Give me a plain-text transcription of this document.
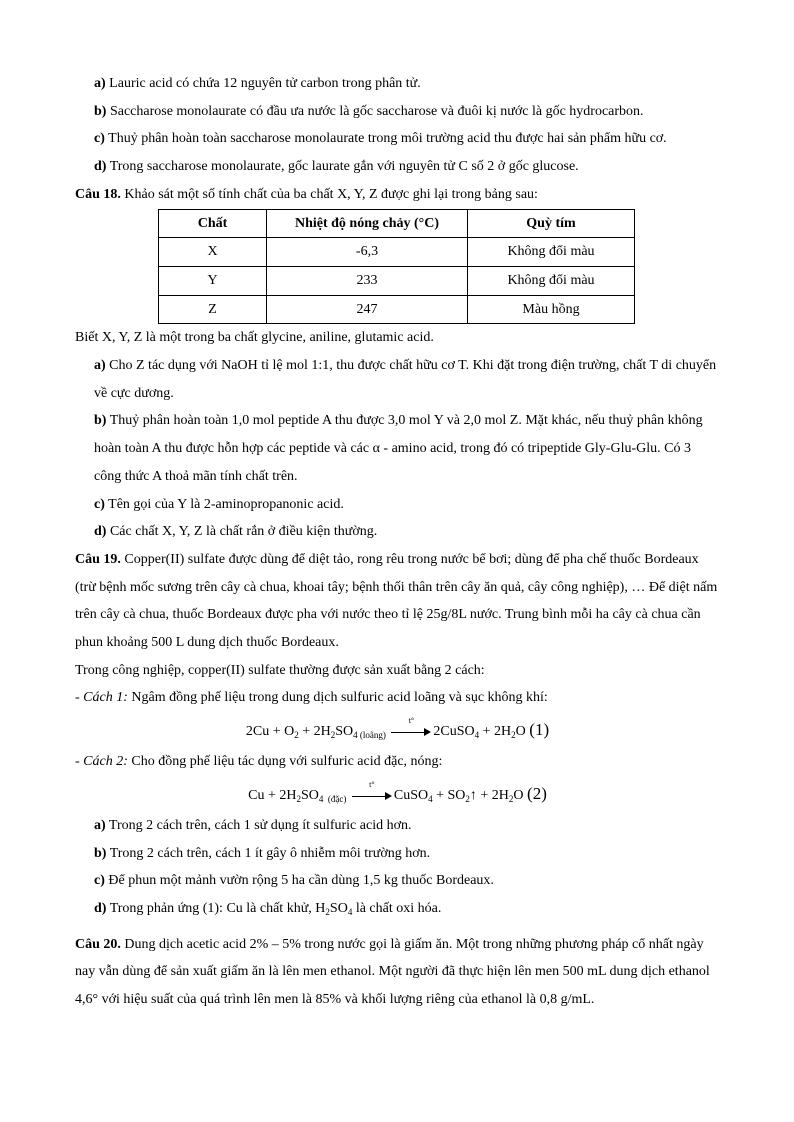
a) Lauric acid có chứa 12 nguyên tử carbon trong phân tử.

b) Saccharose monolaurate có đầu ưa nước là gốc saccharose và đuôi kị nước là gốc hydrocarbon.

c) Thuỷ phân hoàn toàn saccharose monolaurate trong môi trường acid thu được hai sản phẩm hữu cơ.

d) Trong saccharose monolaurate, gốc laurate gắn với nguyên tử C số 2 ở gốc glucose.

Câu 18. Khảo sát một số tính chất của ba chất X, Y, Z được ghi lại trong bảng sau:

Chất	Nhiệt độ nóng chảy (°C)	Quỳ tím
X	-6,3	Không đổi màu
Y	233	Không đổi màu
Z	247	Màu hồng

Biết X, Y, Z là một trong ba chất glycine, aniline, glutamic acid.

a) Cho Z tác dụng với NaOH tỉ lệ mol 1:1, thu được chất hữu cơ T. Khi đặt trong điện trường, chất T di chuyển về cực dương.

b) Thuỷ phân hoàn toàn 1,0 mol peptide A thu được 3,0 mol Y và 2,0 mol Z. Mặt khác, nếu thuỷ phân không hoàn toàn A thu được hỗn hợp các peptide và các α - amino acid, trong đó có tripeptide Gly-Glu-Glu. Có 3 công thức A thoả mãn tính chất trên.

c) Tên gọi của Y là 2-aminopropanonic acid.

d) Các chất X, Y, Z là chất rắn ở điều kiện thường.

Câu 19. Copper(II) sulfate được dùng để diệt tảo, rong rêu trong nước bể bơi; dùng để pha chế thuốc Bordeaux (trừ bệnh mốc sương trên cây cà chua, khoai tây; bệnh thối thân trên cây ăn quả, cây công nghiệp), … Để diệt nấm trên cây cà chua, thuốc Bordeaux được pha với nước theo tỉ lệ 25g/8L nước. Trung bình mỗi ha cây cà chua cần phun khoảng 500 L dung dịch thuốc Bordeaux.

Trong công nghiệp, copper(II) sulfate thường được sản xuất bằng 2 cách:

- Cách 1: Ngâm đồng phế liệu trong dung dịch sulfuric acid loãng và sục không khí:

$2Cu + O_2 + 2H_2SO_{4 (loãng)}$
t°
2CuSO$_4$ + $2H_2O$ (1)

- Cách 2: Cho đồng phế liệu tác dụng với sulfuric acid đặc, nóng:

$Cu + 2H_2SO_{4 (đặc)}$
t°
CuSO$_4$ + $SO_2↑ + 2H_2O$ (2)

a) Trong 2 cách trên, cách 1 sử dụng ít sulfuric acid hơn.

b) Trong 2 cách trên, cách 1 ít gây ô nhiễm môi trường hơn.

c) Để phun một mảnh vườn rộng 5 ha cần dùng 1,5 kg thuốc Bordeaux.

d) Trong phản ứng (1): Cu là chất khử, $H_2SO_4$ là chất oxi hóa.

Câu 20. Dung dịch acetic acid 2% – 5% trong nước gọi là giấm ăn. Một trong những phương pháp cổ nhất ngày nay vẫn dùng để sản xuất giấm ăn là lên men ethanol. Một người đã thực hiện lên men 500 mL dung dịch ethanol 4,6° với hiệu suất của quá trình lên men là 85% và khối lượng riêng của ethanol là 0,8 g/mL.
